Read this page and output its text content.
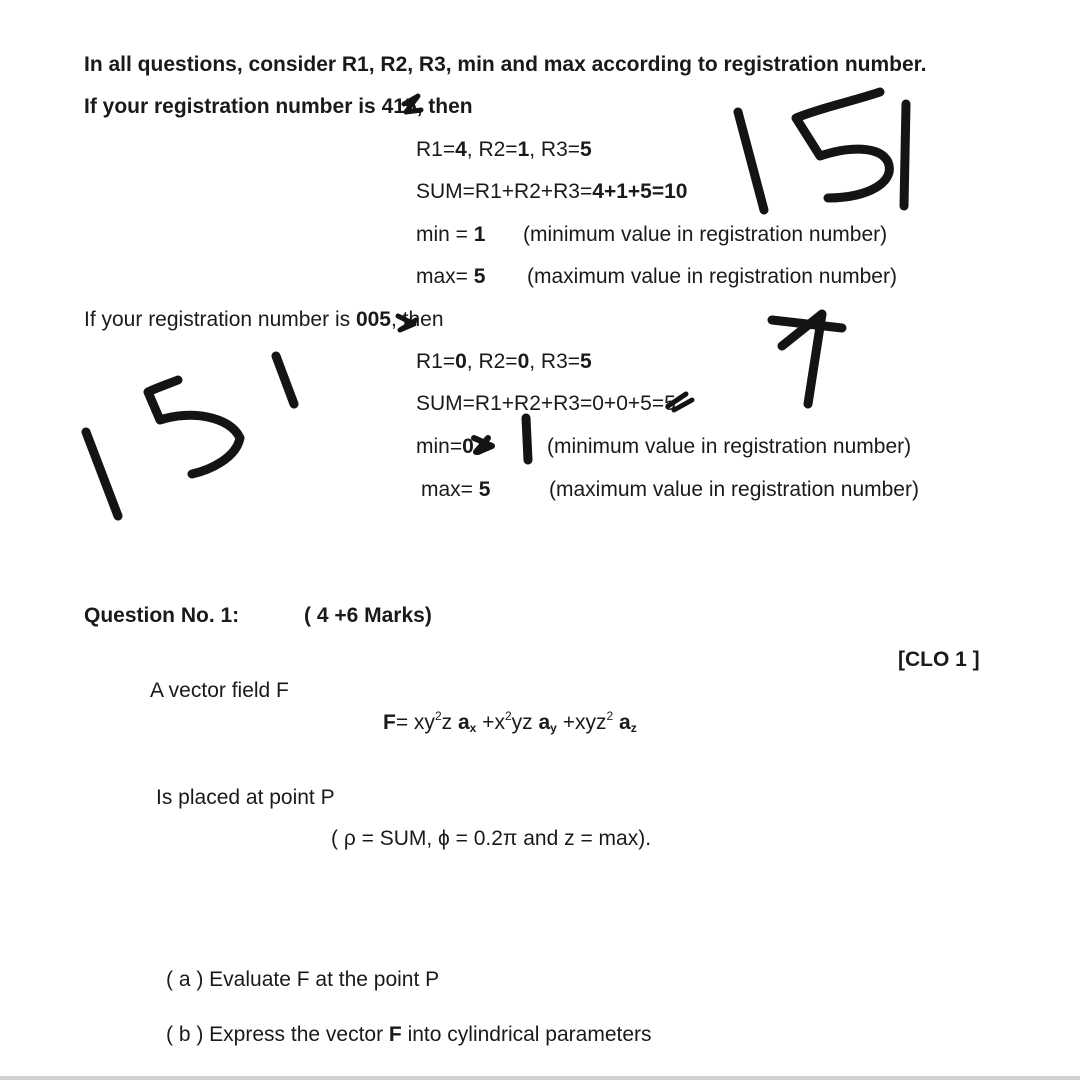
In all questions, consider R1, R2, R3, min and max according to registration number.
If your registration number is 415, then
R1=4, R2=1, R3=5
SUM=R1+R2+R3=4+1+5=10
min = 1 (minimum value in registration number)
max= 5 (maximum value in registration number)
If your registration number is 005, then
R1=0, R2=0, R3=5
SUM=R1+R2+R3=0+0+5=5
min=0	(minimum value in registration number)
max= 5	(maximum value in registration number)
Question No. 1:	( 4 +6 Marks)
[CLO 1 ]
A vector field F
$F= xy^2z$ $a_x +x^2yz$ $a_y +xyz^2$ $a_z$
Is placed at point P
( ρ = SUM, ϕ = 0.2π and z = max).
( a ) Evaluate F at the point P
( b ) Express the vector F into cylindrical parameters
